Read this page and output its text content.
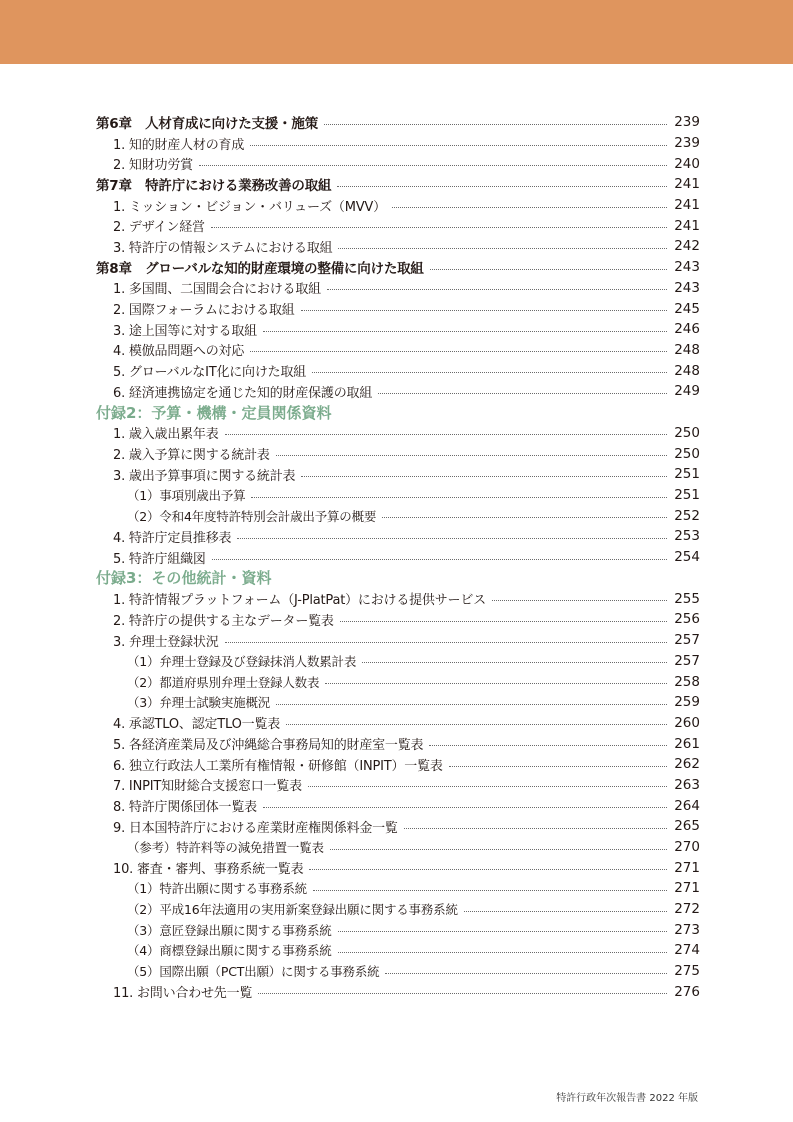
第6章　人材育成に向けた支援・施策	239
1. 知的財産人材の育成	239
2. 知財功労賞	240
第7章　特許庁における業務改善の取組	241
1. ミッション・ビジョン・バリューズ（MVV）	241
2. デザイン経営	241
3. 特許庁の情報システムにおける取組	242
第8章　グローバルな知的財産環境の整備に向けた取組	243
1. 多国間、二国間会合における取組	243
2. 国際フォーラムにおける取組	245
3. 途上国等に対する取組	246
4. 模倣品問題への対応	248
5. グローバルなIT化に向けた取組	248
6. 経済連携協定を通じた知的財産保護の取組	249
付録2：予算・機構・定員関係資料
1. 歳入歳出累年表	250
2. 歳入予算に関する統計表	250
3. 歳出予算事項に関する統計表	251
（1）事項別歳出予算	251
（2）令和4年度特許特別会計歳出予算の概要	252
4. 特許庁定員推移表	253
5. 特許庁組織図	254
付録3：その他統計・資料
1. 特許情報プラットフォーム（J-PlatPat）における提供サービス	255
2. 特許庁の提供する主なデーター覧表	256
3. 弁理士登録状況	257
（1）弁理士登録及び登録抹消人数累計表	257
（2）都道府県別弁理士登録人数表	258
（3）弁理士試験実施概況	259
4. 承認TLO、認定TLO一覧表	260
5. 各経済産業局及び沖縄総合事務局知的財産室一覧表	261
6. 独立行政法人工業所有権情報・研修館（INPIT）一覧表	262
7. INPIT知財総合支援窓口一覧表	263
8. 特許庁関係団体一覧表	264
9. 日本国特許庁における産業財産権関係料金一覧	265
（参考）特許料等の減免措置一覧表	270
10. 審査・審判、事務系統一覧表	271
（1）特許出願に関する事務系統	271
（2）平成16年法適用の実用新案登録出願に関する事務系統	272
（3）意匠登録出願に関する事務系統	273
（4）商標登録出願に関する事務系統	274
（5）国際出願（PCT出願）に関する事務系統	275
11. お問い合わせ先一覧	276
特許行政年次報告書 2022 年版
